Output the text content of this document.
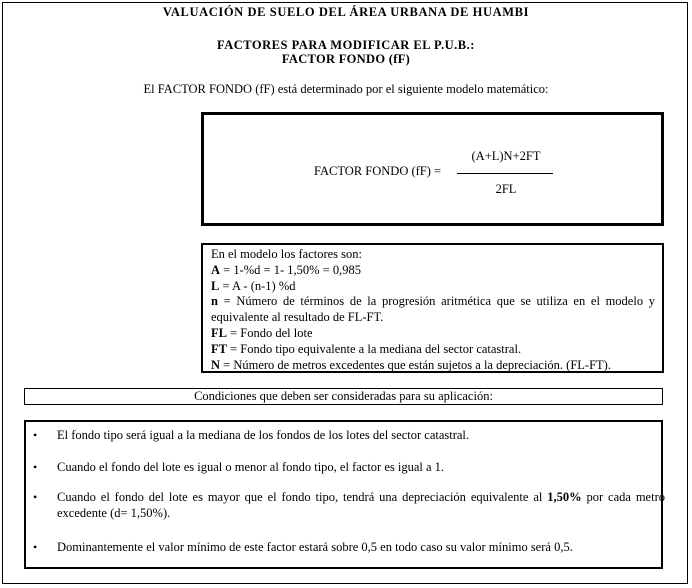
VALUACIÓN DE SUELO DEL ÁREA URBANA DE HUAMBI
FACTORES PARA MODIFICAR EL P.U.B.:
FACTOR FONDO (fF)
El FACTOR FONDO (fF) está determinado por el siguiente modelo matemático:
FACTOR FONDO (fF) =
(A+L)N+2FT
2FL
En el modelo los factores son:
A = 1-%d = 1- 1,50% = 0,985
L = A - (n-1) %d
n = Número de términos de la progresión aritmética que se utiliza en el modelo y equivalente al resultado de FL-FT.
FL = Fondo del lote
FT = Fondo tipo equivalente a la mediana del sector catastral.
N = Número de metros excedentes que están sujetos a la depreciación. (FL-FT).
Condiciones que deben ser consideradas para su aplicación:
•	El fondo tipo será igual a la mediana de los fondos de los lotes del sector catastral.
•	Cuando el fondo del lote es igual o menor al fondo tipo, el factor es igual a 1.
•	Cuando el fondo del lote es mayor que el fondo tipo, tendrá una depreciación equivalente al 1,50% por cada metro excedente (d= 1,50%).
•	Dominantemente el valor mínimo de este factor estará sobre 0,5 en todo caso su valor mínimo será 0,5.
